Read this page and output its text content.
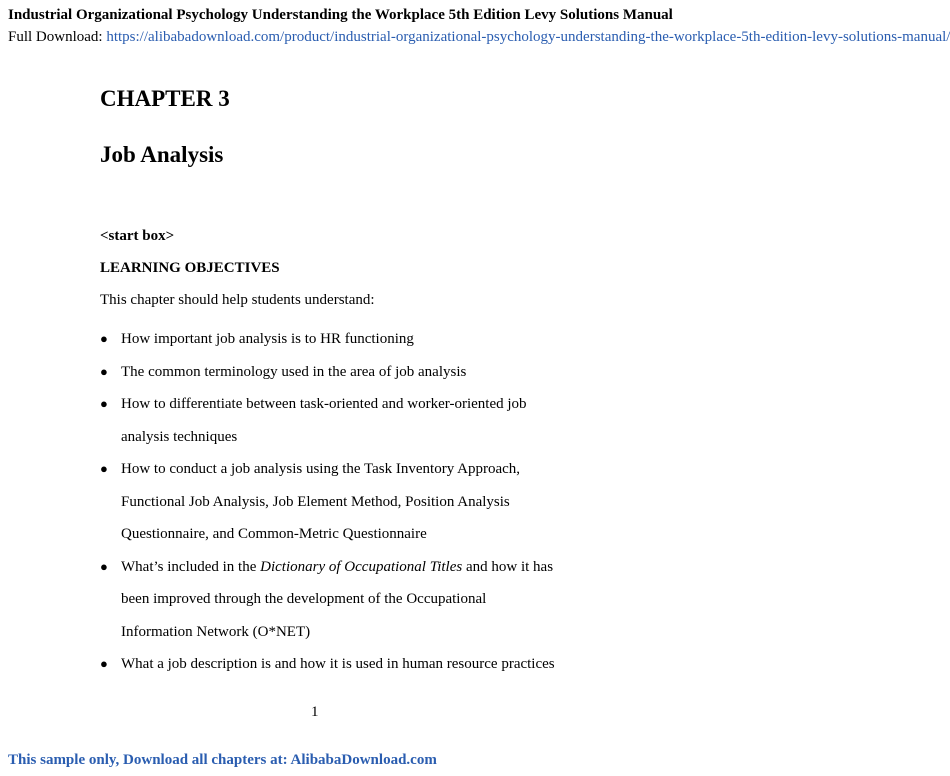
Industrial Organizational Psychology Understanding the Workplace 5th Edition Levy Solutions Manual
Full Download: https://alibabadownload.com/product/industrial-organizational-psychology-understanding-the-workplace-5th-edition-levy-solutions-manual/
CHAPTER 3
Job Analysis
<start box>
LEARNING OBJECTIVES
This chapter should help students understand:
● How important job analysis is to HR functioning
● The common terminology used in the area of job analysis
● How to differentiate between task-oriented and worker-oriented job
analysis techniques
● How to conduct a job analysis using the Task Inventory Approach,
Functional Job Analysis, Job Element Method, Position Analysis
Questionnaire, and Common-Metric Questionnaire
● What’s included in the Dictionary of Occupational Titles and how it has
been improved through the development of the Occupational
Information Network (O*NET)
● What a job description is and how it is used in human resource practices
1
This sample only, Download all chapters at: AlibabaDownload.com
